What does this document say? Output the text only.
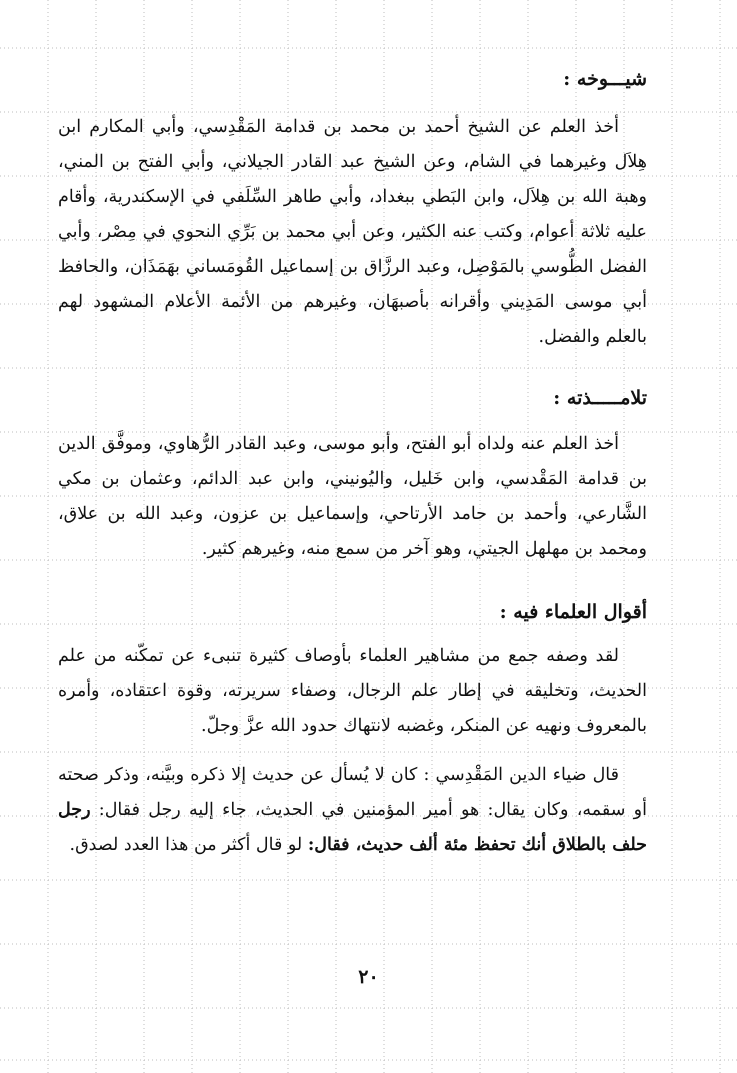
شيـــوخه :

أخذ العلم عن الشيخ أحمد بن محمد بن قدامة المَقْدِسي، وأبي المكارم ابن هِلاَل وغيرهما في الشام، وعن الشيخ عبد القادر الجيلاني، وأبي الفتح بن المني، وهبة الله بن هِلاَل، وابن البَطي ببغداد، وأبي طاهر السِّلَفي في الإسكندرية، وأقام عليه ثلاثة أعوام، وكتب عنه الكثير، وعن أبي محمد بن بَرِّي النحوي في مِصْر، وأبي الفضل الطُّوسي بالمَوْصِل، وعبد الرزَّاق بن إسماعيل القُومَساني بهَمَذَان، والحافظ أبي موسى المَدِيني وأقرانه بأصبهَان، وغيرهم من الأئمة الأعلام المشهود لهم بالعلم والفضل.

تلامـــــذته :

أخذ العلم عنه ولداه أبو الفتح، وأبو موسى، وعبد القادر الرُّهاوي، وموفَّق الدين بن قدامة المَقْدسي، وابن خَليل، واليُونيني، وابن عبد الدائم، وعثمان بن مكي الشَّارعي، وأحمد بن حامد الأرتاحي، وإسماعيل بن عزون، وعبد الله بن علاق، ومحمد بن مهلهل الجيتي، وهو آخر من سمع منه، وغيرهم كثير.

أقوال العلماء فيه :

لقد وصفه جمع من مشاهير العلماء بأوصاف كثيرة تنبىء عن تمكّنه من علم الحديث، وتخليقه في إطار علم الرجال، وصفاء سريرته، وقوة اعتقاده، وأمره بالمعروف ونهيه عن المنكر، وغضبه لانتهاك حدود الله عزَّ وجلّ.

قال ضياء الدين المَقْدِسي : كان لا يُسأل عن حديث إلا ذكره وبيَّنه، وذكر صحته أو سقمه، وكان يقال: هو أمير المؤمنين في الحديث، جاء إليه رجل فقال: رجل حلف بالطلاق أنك تحفظ مئة ألف حديث، فقال: لو قال أكثر من هذا العدد لصدق.

٢٠
